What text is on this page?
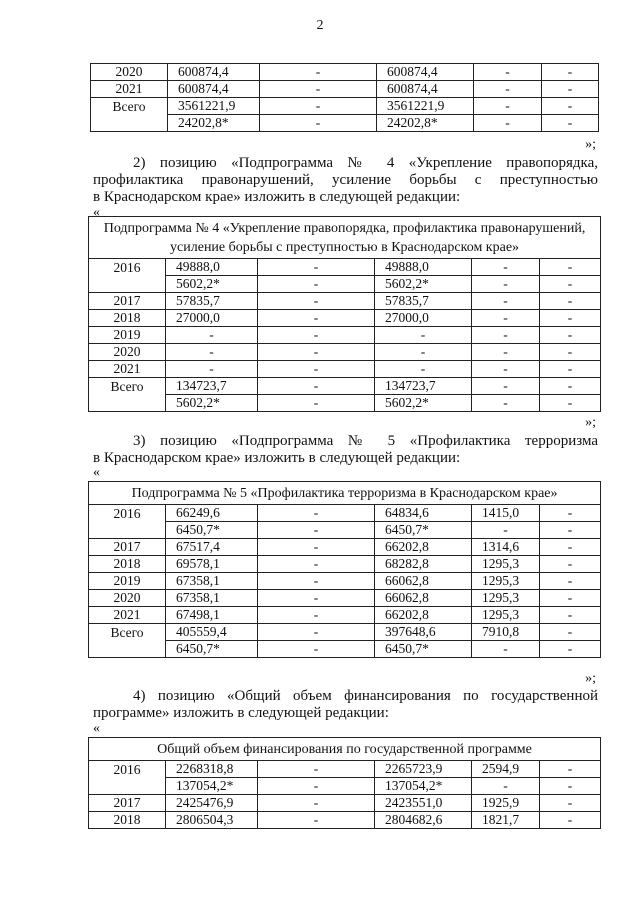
2
2020	600874,4	-	600874,4	-	-
2021	600874,4	-	600874,4	-	-
Всего	3561221,9	-	3561221,9	-	-
	24202,8*	-	24202,8*	-	-
»;
2) позицию «Подпрограмма № 4 «Укрепление правопорядка,
профилактика правонарушений, усиление борьбы с преступностью
в Краснодарском крае» изложить в следующей редакции:
«
Подпрограмма № 4 «Укрепление правопорядка, профилактика правонарушений, усиление борьбы с преступностью в Краснодарском крае»					
2016	49888,0	-	49888,0	-	-
	5602,2*	-	5602,2*	-	-
2017	57835,7	-	57835,7	-	-
2018	27000,0	-	27000,0	-	-
2019	-	-	-	-	-
2020	-	-	-	-	-
2021	-	-	-	-	-
Всего	134723,7	-	134723,7	-	-
	5602,2*	-	5602,2*	-	-
»;
3) позицию «Подпрограмма № 5 «Профилактика терроризма
в Краснодарском крае» изложить в следующей редакции:
«
Подпрограмма № 5 «Профилактика терроризма в Краснодарском крае»					
2016	66249,6	-	64834,6	1415,0	-
	6450,7*	-	6450,7*	-	-
2017	67517,4	-	66202,8	1314,6	-
2018	69578,1	-	68282,8	1295,3	-
2019	67358,1	-	66062,8	1295,3	-
2020	67358,1	-	66062,8	1295,3	-
2021	67498,1	-	66202,8	1295,3	-
Всего	405559,4	-	397648,6	7910,8	-
	6450,7*	-	6450,7*	-	-
»;
4) позицию «Общий объем финансирования по государственной
программе» изложить в следующей редакции:
«
Общий объем финансирования по государственной программе					
2016	2268318,8	-	2265723,9	2594,9	-
	137054,2*	-	137054,2*	-	-
2017	2425476,9	-	2423551,0	1925,9	-
2018	2806504,3	-	2804682,6	1821,7	-
